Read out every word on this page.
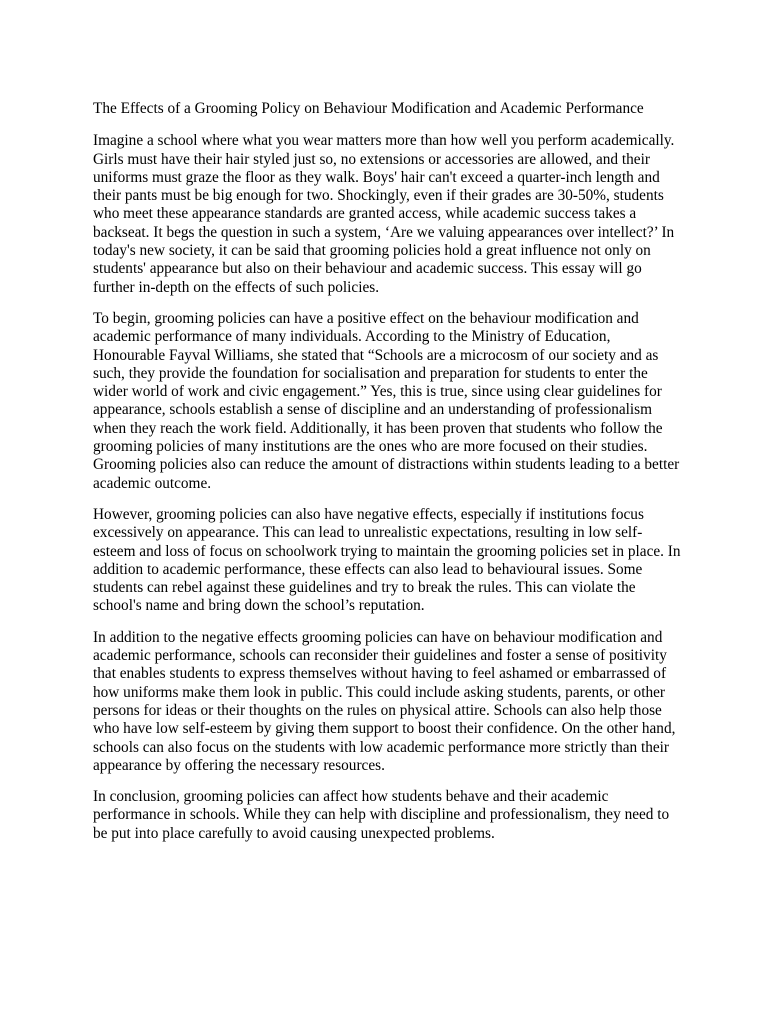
The Effects of a Grooming Policy on Behaviour Modification and Academic Performance

Imagine a school where what you wear matters more than how well you perform academically. Girls must have their hair styled just so, no extensions or accessories are allowed, and their uniforms must graze the floor as they walk. Boys' hair can't exceed a quarter-inch length and their pants must be big enough for two. Shockingly, even if their grades are 30-50%, students who meet these appearance standards are granted access, while academic success takes a backseat. It begs the question in such a system, ‘Are we valuing appearances over intellect?’ In today's new society, it can be said that grooming policies hold a great influence not only on students' appearance but also on their behaviour and academic success. This essay will go further in-depth on the effects of such policies.

To begin, grooming policies can have a positive effect on the behaviour modification and academic performance of many individuals. According to the Ministry of Education, Honourable Fayval Williams, she stated that “Schools are a microcosm of our society and as such, they provide the foundation for socialisation and preparation for students to enter the wider world of work and civic engagement.” Yes, this is true, since using clear guidelines for appearance, schools establish a sense of discipline and an understanding of professionalism when they reach the work field. Additionally, it has been proven that students who follow the grooming policies of many institutions are the ones who are more focused on their studies. Grooming policies also can reduce the amount of distractions within students leading to a better academic outcome.

However, grooming policies can also have negative effects, especially if institutions focus excessively on appearance. This can lead to unrealistic expectations, resulting in low self-esteem and loss of focus on schoolwork trying to maintain the grooming policies set in place. In addition to academic performance, these effects can also lead to behavioural issues. Some students can rebel against these guidelines and try to break the rules. This can violate the school's name and bring down the school’s reputation.

In addition to the negative effects grooming policies can have on behaviour modification and academic performance, schools can reconsider their guidelines and foster a sense of positivity that enables students to express themselves without having to feel ashamed or embarrassed of how uniforms make them look in public. This could include asking students, parents, or other persons for ideas or their thoughts on the rules on physical attire. Schools can also help those who have low self-esteem by giving them support to boost their confidence. On the other hand, schools can also focus on the students with low academic performance more strictly than their appearance by offering the necessary resources.

In conclusion, grooming policies can affect how students behave and their academic performance in schools. While they can help with discipline and professionalism, they need to be put into place carefully to avoid causing unexpected problems.
